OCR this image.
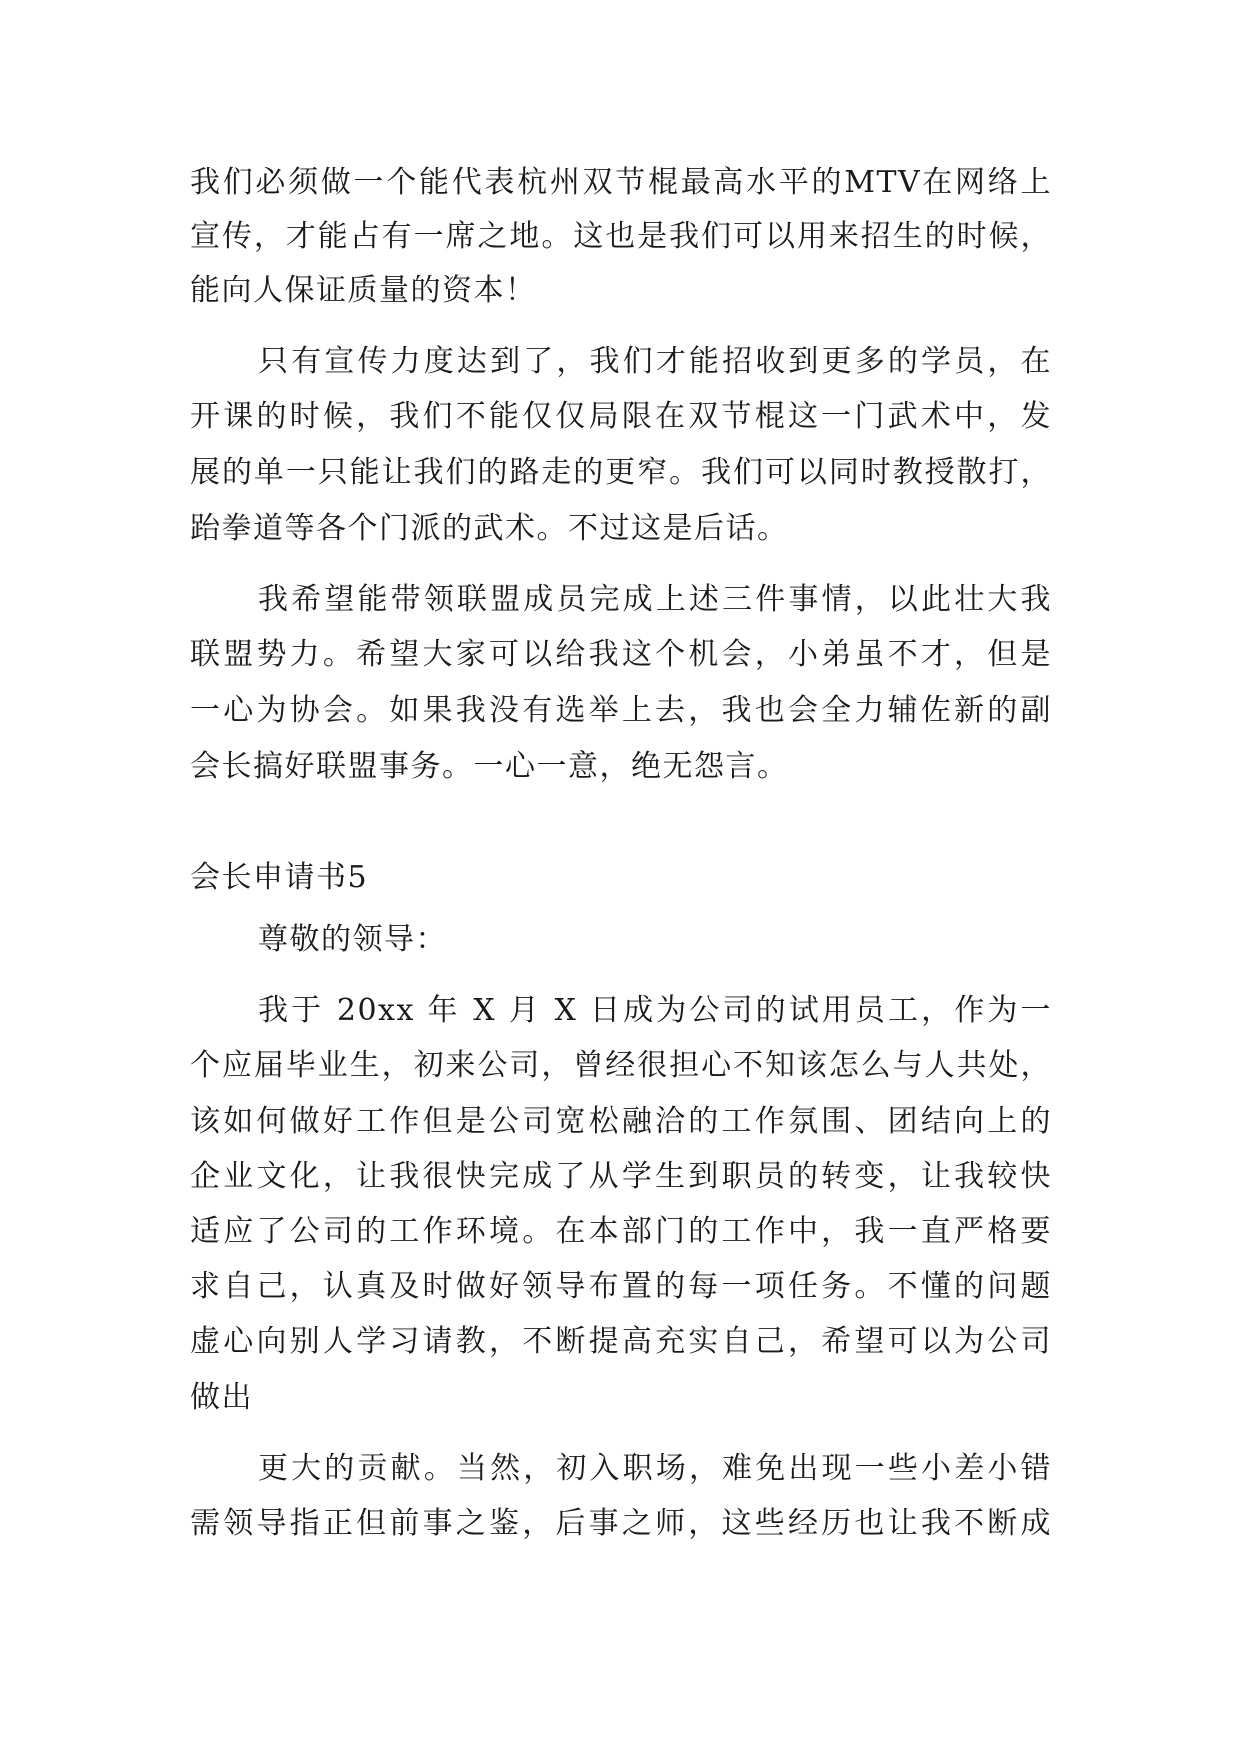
我们必须做一个能代表杭州双节棍最高水平的MTV在网络上
宣传，才能占有一席之地。这也是我们可以用来招生的时候，
能向人保证质量的资本！
只有宣传力度达到了，我们才能招收到更多的学员，在
开课的时候，我们不能仅仅局限在双节棍这一门武术中，发
展的单一只能让我们的路走的更窄。我们可以同时教授散打，
跆拳道等各个门派的武术。不过这是后话。
我希望能带领联盟成员完成上述三件事情，以此壮大我
联盟势力。希望大家可以给我这个机会，小弟虽不才，但是
一心为协会。如果我没有选举上去，我也会全力辅佐新的副
会长搞好联盟事务。一心一意，绝无怨言。
会长申请书5
尊敬的领导：
我于 20xx 年 X 月 X 日成为公司的试用员工，作为一
个应届毕业生，初来公司，曾经很担心不知该怎么与人共处，
该如何做好工作但是公司宽松融洽的工作氛围、团结向上的
企业文化，让我很快完成了从学生到职员的转变，让我较快
适应了公司的工作环境。在本部门的工作中，我一直严格要
求自己，认真及时做好领导布置的每一项任务。不懂的问题
虚心向别人学习请教，不断提高充实自己，希望可以为公司
做出
更大的贡献。当然，初入职场，难免出现一些小差小错
需领导指正但前事之鉴，后事之师，这些经历也让我不断成
